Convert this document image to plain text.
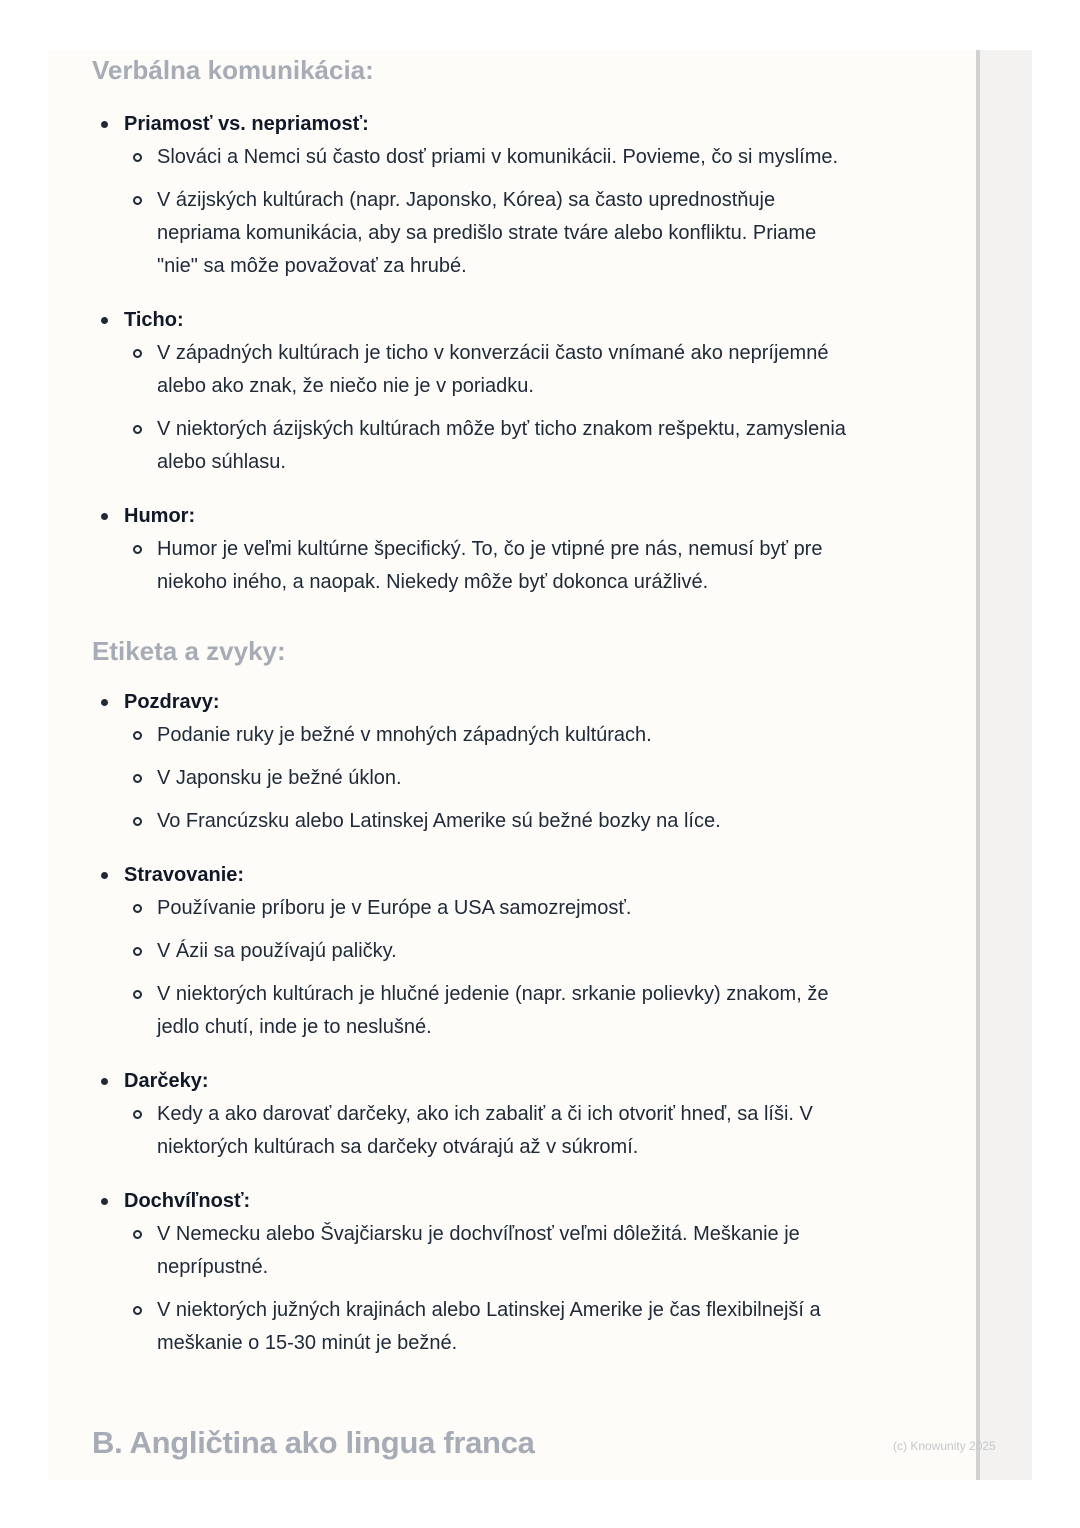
Verbálna komunikácia:
Priamosť vs. nepriamosť:
Slováci a Nemci sú často dosť priami v komunikácii. Povieme, čo si myslíme.
V ázijských kultúrach (napr. Japonsko, Kórea) sa často uprednostňuje nepriama komunikácia, aby sa predišlo strate tváre alebo konfliktu. Priame "nie" sa môže považovať za hrubé.
Ticho:
V západných kultúrach je ticho v konverzácii často vnímané ako nepríjemné alebo ako znak, že niečo nie je v poriadku.
V niektorých ázijských kultúrach môže byť ticho znakom rešpektu, zamyslenia alebo súhlasu.
Humor:
Humor je veľmi kultúrne špecifický. To, čo je vtipné pre nás, nemusí byť pre niekoho iného, a naopak. Niekedy môže byť dokonca urážlivé.
Etiketa a zvyky:
Pozdravy:
Podanie ruky je bežné v mnohých západných kultúrach.
V Japonsku je bežné úklon.
Vo Francúzsku alebo Latinskej Amerike sú bežné bozky na líce.
Stravovanie:
Používanie príboru je v Európe a USA samozrejmosť.
V Ázii sa používajú paličky.
V niektorých kultúrach je hlučné jedenie (napr. srkanie polievky) znakom, že jedlo chutí, inde je to neslušné.
Darčeky:
Kedy a ako darovať darčeky, ako ich zabaliť a či ich otvoriť hneď, sa líši. V niektorých kultúrach sa darčeky otvárajú až v súkromí.
Dochvíľnosť:
V Nemecku alebo Švajčiarsku je dochvíľnosť veľmi dôležitá. Meškanie je neprípustné.
V niektorých južných krajinách alebo Latinskej Amerike je čas flexibilnejší a meškanie o 15-30 minút je bežné.
B. Angličtina ako lingua franca	(c) Knowunity 2025
